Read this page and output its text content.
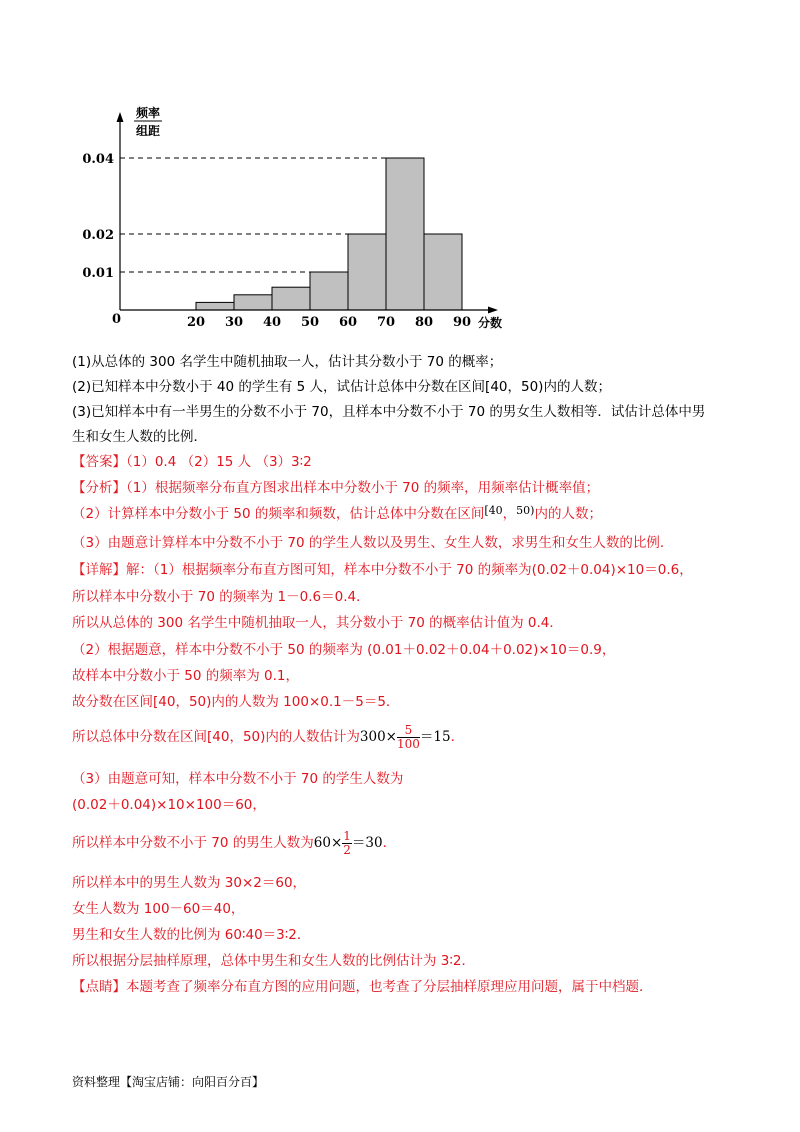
频率
组距
分数
0
0.01
0.02
0.04
20 30 40 50 60 70 80 90
(1)从总体的 300 名学生中随机抽取一人，估计其分数小于 70 的概率；
(2)已知样本中分数小于 40 的学生有 5 人，试估计总体中分数在区间[40，50)内的人数；
(3)已知样本中有一半男生的分数不小于 70，且样本中分数不小于 70 的男女生人数相等．试估计总体中男
生和女生人数的比例．
【答案】（1）0.4 （2）15 人 （3）3∶2
【分析】（1）根据频率分布直方图求出样本中分数小于 70 的频率，用频率估计概率值；
（2）计算样本中分数小于 50 的频率和频数，估计总体中分数在区间$^{[40}$，$^{50)}$内的人数；
（3）由题意计算样本中分数不小于 70 的学生人数以及男生、女生人数，求男生和女生人数的比例．
【详解】解：（1）根据频率分布直方图可知，样本中分数不小于 70 的频率为(0.02＋0.04)×10＝0.6，
所以样本中分数小于 70 的频率为 1－0.6＝0.4．
所以从总体的 300 名学生中随机抽取一人，其分数小于 70 的概率估计值为 0.4．
（2）根据题意，样本中分数不小于 50 的频率为 (0.01＋0.02＋0.04＋0.02)×10＝0.9，
故样本中分数小于 50 的频率为 0.1，
故分数在区间[40，50)内的人数为 100×0.1－5＝5．
所以总体中分数在区间[40，50)内的人数估计为$300\times \frac{5}{100} =15$．
（3）由题意可知，样本中分数不小于 70 的学生人数为
(0.02＋0.04)×10×100＝60，
所以样本中分数不小于 70 的男生人数为$60\times \frac{1}{2} =30$．
所以样本中的男生人数为 30×2＝60，
女生人数为 100－60＝40，
男生和女生人数的比例为 60∶40＝3∶2．
所以根据分层抽样原理，总体中男生和女生人数的比例估计为 3∶2．
【点睛】本题考查了频率分布直方图的应用问题，也考查了分层抽样原理应用问题，属于中档题．
资料整理【淘宝店铺：向阳百分百】
